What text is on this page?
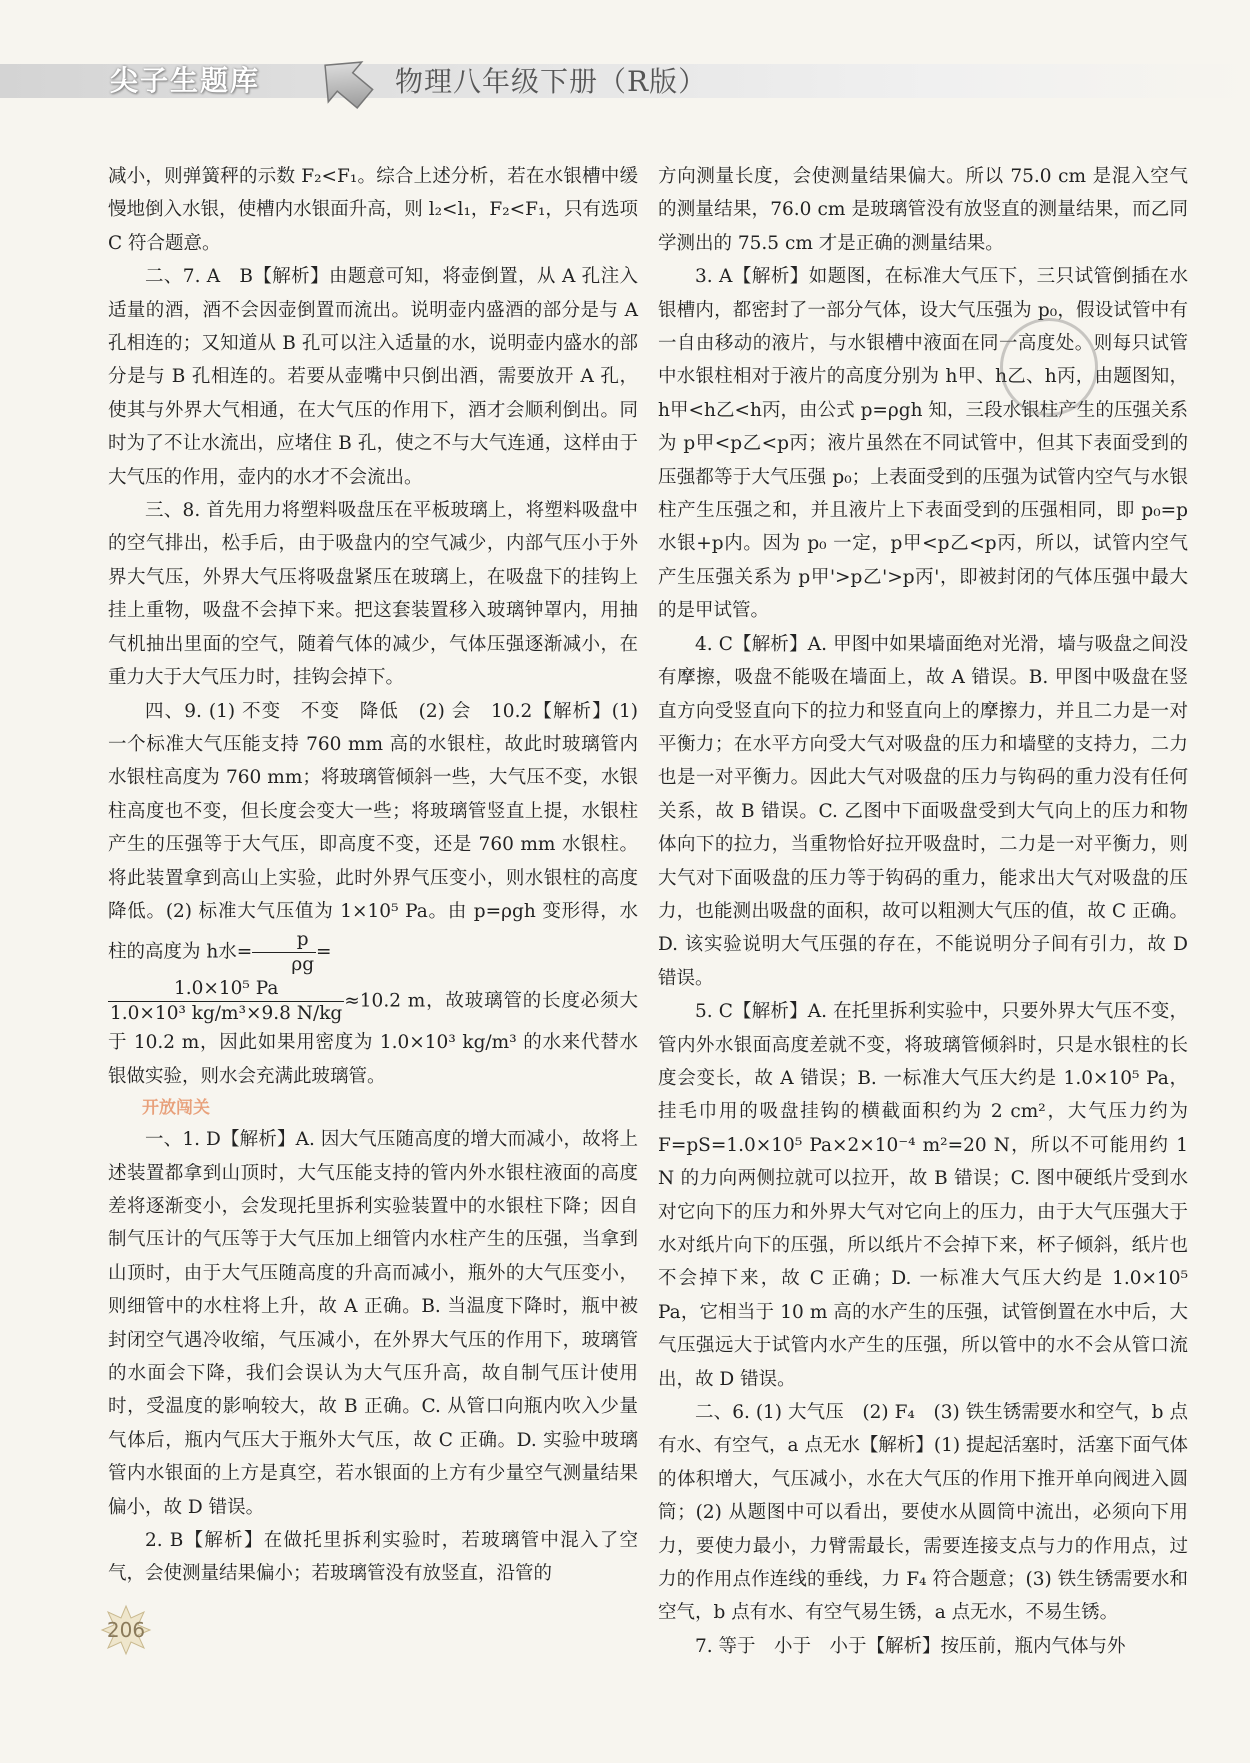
尖子生题库	物理八年级下册（R版）

减小，则弹簧秤的示数 F₂<F₁。综合上述分析，若在水银槽中缓慢地倒入水银，使槽内水银面升高，则 l₂<l₁，F₂<F₁，只有选项 C 符合题意。

二、7. A　B【解析】由题意可知，将壶倒置，从 A 孔注入适量的酒，酒不会因壶倒置而流出。说明壶内盛酒的部分是与 A 孔相连的；又知道从 B 孔可以注入适量的水，说明壶内盛水的部分是与 B 孔相连的。若要从壶嘴中只倒出酒，需要放开 A 孔，使其与外界大气相通，在大气压的作用下，酒才会顺利倒出。同时为了不让水流出，应堵住 B 孔，使之不与大气连通，这样由于大气压的作用，壶内的水才不会流出。

三、8. 首先用力将塑料吸盘压在平板玻璃上，将塑料吸盘中的空气排出，松手后，由于吸盘内的空气减少，内部气压小于外界大气压，外界大气压将吸盘紧压在玻璃上，在吸盘下的挂钩上挂上重物，吸盘不会掉下来。把这套装置移入玻璃钟罩内，用抽气机抽出里面的空气，随着气体的减少，气体压强逐渐减小，在重力大于大气压力时，挂钩会掉下。

四、9. (1) 不变　不变　降低　(2) 会　10.2【解析】(1) 一个标准大气压能支持 760 mm 高的水银柱，故此时玻璃管内水银柱高度为 760 mm；将玻璃管倾斜一些，大气压不变，水银柱高度也不变，但长度会变大一些；将玻璃管竖直上提，水银柱产生的压强等于大气压，即高度不变，还是 760 mm 水银柱。将此装置拿到高山上实验，此时外界气压变小，则水银柱的高度降低。(2) 标准大气压值为 1×10⁵ Pa。由 p=ρgh 变形得，水柱的高度为 h水= $\frac{p}{\rho g}$ =

$\frac{\text{1.0×10⁵ Pa}}{\text{1.0×10³ kg/m³×9.8 N/kg}} \approx 10.2$ m，故玻璃管的长度必须大于 10.2 m，因此如果用密度为 1.0×10³ kg/m³ 的水来代替水银做实验，则水会充满此玻璃管。

开放闯关

一、1. D【解析】A. 因大气压随高度的增大而减小，故将上述装置都拿到山顶时，大气压能支持的管内外水银柱液面的高度差将逐渐变小，会发现托里拆利实验装置中的水银柱下降；因自制气压计的气压等于大气压加上细管内水柱产生的压强，当拿到山顶时，由于大气压随高度的升高而减小，瓶外的大气压变小，则细管中的水柱将上升，故 A 正确。B. 当温度下降时，瓶中被封闭空气遇冷收缩，气压减小，在外界大气压的作用下，玻璃管的水面会下降，我们会误认为大气压升高，故自制气压计使用时，受温度的影响较大，故 B 正确。C. 从管口向瓶内吹入少量气体后，瓶内气压大于瓶外大气压，故 C 正确。D. 实验中玻璃管内水银面的上方是真空，若水银面的上方有少量空气测量结果偏小，故 D 错误。

2. B【解析】在做托里拆利实验时，若玻璃管中混入了空气，会使测量结果偏小；若玻璃管没有放竖直，沿管的

方向测量长度，会使测量结果偏大。所以 75.0 cm 是混入空气的测量结果，76.0 cm 是玻璃管没有放竖直的测量结果，而乙同学测出的 75.5 cm 才是正确的测量结果。

3. A【解析】如题图，在标准大气压下，三只试管倒插在水银槽内，都密封了一部分气体，设大气压强为 p₀，假设试管中有一自由移动的液片，与水银槽中液面在同一高度处。则每只试管中水银柱相对于液片的高度分别为 h甲、h乙、h丙，由题图知，h甲<h乙<h丙，由公式 p=ρgh 知，三段水银柱产生的压强关系为 p甲<p乙<p丙；液片虽然在不同试管中，但其下表面受到的压强都等于大气压强 p₀；上表面受到的压强为试管内空气与水银柱产生压强之和，并且液片上下表面受到的压强相同，即 p₀=p水银+p内。因为 p₀ 一定，p甲<p乙<p丙，所以，试管内空气产生压强关系为 p甲'>p乙'>p丙'，即被封闭的气体压强中最大的是甲试管。

4. C【解析】A. 甲图中如果墙面绝对光滑，墙与吸盘之间没有摩擦，吸盘不能吸在墙面上，故 A 错误。B. 甲图中吸盘在竖直方向受竖直向下的拉力和竖直向上的摩擦力，并且二力是一对平衡力；在水平方向受大气对吸盘的压力和墙壁的支持力，二力也是一对平衡力。因此大气对吸盘的压力与钩码的重力没有任何关系，故 B 错误。C. 乙图中下面吸盘受到大气向上的压力和物体向下的拉力，当重物恰好拉开吸盘时，二力是一对平衡力，则大气对下面吸盘的压力等于钩码的重力，能求出大气对吸盘的压力，也能测出吸盘的面积，故可以粗测大气压的值，故 C 正确。D. 该实验说明大气压强的存在，不能说明分子间有引力，故 D 错误。

5. C【解析】A. 在托里拆利实验中，只要外界大气压不变，管内外水银面高度差就不变，将玻璃管倾斜时，只是水银柱的长度会变长，故 A 错误；B. 一标准大气压大约是 1.0×10⁵ Pa，挂毛巾用的吸盘挂钩的横截面积约为 2 cm²，大气压力约为 F=pS=1.0×10⁵ Pa×2×10⁻⁴ m²=20 N，所以不可能用约 1 N 的力向两侧拉就可以拉开，故 B 错误；C. 图中硬纸片受到水对它向下的压力和外界大气对它向上的压力，由于大气压强大于水对纸片向下的压强，所以纸片不会掉下来，杯子倾斜，纸片也不会掉下来，故 C 正确；D. 一标准大气压大约是 1.0×10⁵ Pa，它相当于 10 m 高的水产生的压强，试管倒置在水中后，大气压强远大于试管内水产生的压强，所以管中的水不会从管口流出，故 D 错误。

二、6. (1) 大气压　(2) F₄　(3) 铁生锈需要水和空气，b 点有水、有空气，a 点无水【解析】(1) 提起活塞时，活塞下面气体的体积增大，气压减小，水在大气压的作用下推开单向阀进入圆筒；(2) 从题图中可以看出，要使水从圆筒中流出，必须向下用力，要使力最小，力臂需最长，需要连接支点与力的作用点，过力的作用点作连线的垂线，力 F₄ 符合题意；(3) 铁生锈需要水和空气，b 点有水、有空气易生锈，a 点无水，不易生锈。

7. 等于　小于　小于【解析】按压前，瓶内气体与外

206
